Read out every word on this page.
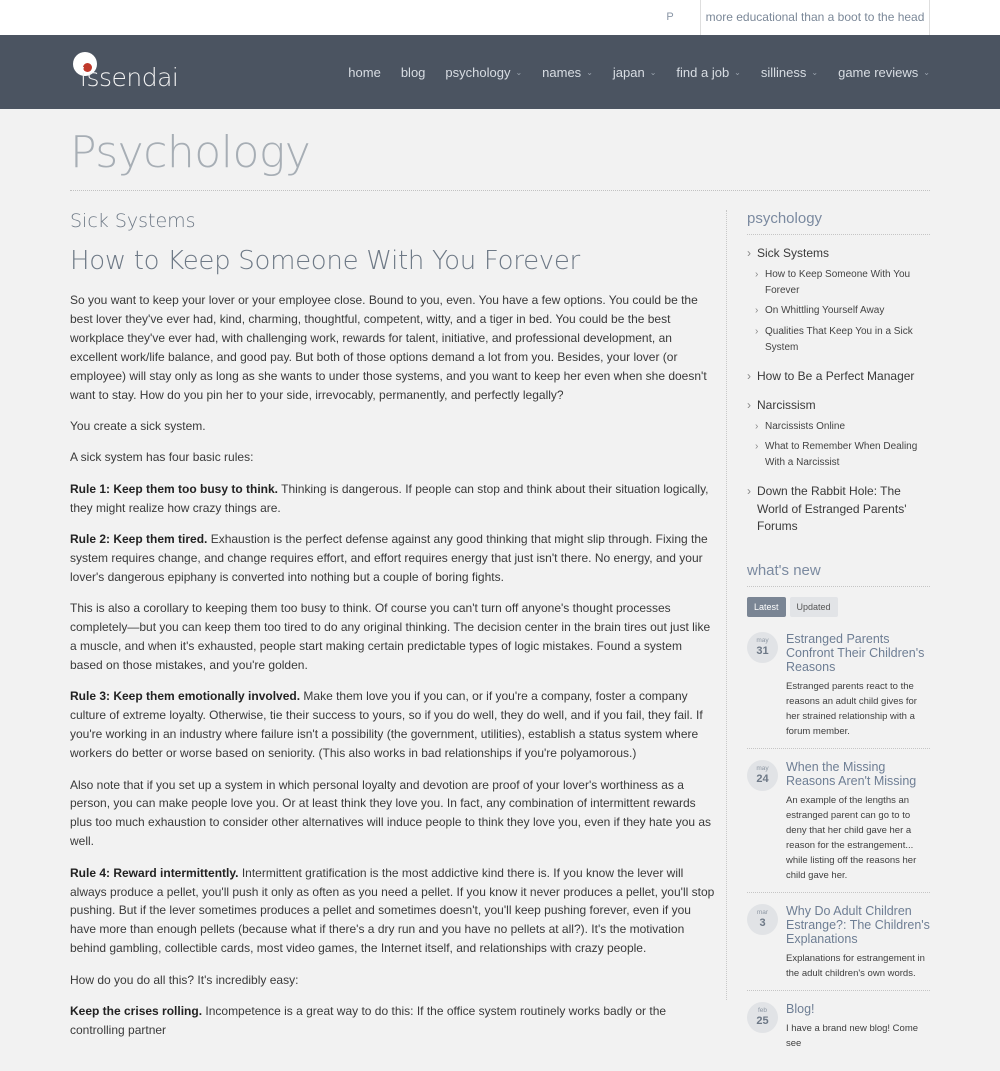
P	more educational than a boot to the head
issendai	home blog psychology ⌄ names ⌄ japan ⌄ find a job ⌄ silliness ⌄ game reviews ⌄
Psychology
Sick Systems
How to Keep Someone With You Forever

So you want to keep your lover or your employee close. Bound to you, even. You have a few options. You could be the best lover they've ever had, kind, charming, thoughtful, competent, witty, and a tiger in bed. You could be the best workplace they've ever had, with challenging work, rewards for talent, initiative, and professional development, an excellent work/life balance, and good pay. But both of those options demand a lot from you. Besides, your lover (or employee) will stay only as long as she wants to under those systems, and you want to keep her even when she doesn't want to stay. How do you pin her to your side, irrevocably, permanently, and perfectly legally?

You create a sick system.

A sick system has four basic rules:

Rule 1: Keep them too busy to think. Thinking is dangerous. If people can stop and think about their situation logically, they might realize how crazy things are.

Rule 2: Keep them tired. Exhaustion is the perfect defense against any good thinking that might slip through. Fixing the system requires change, and change requires effort, and effort requires energy that just isn't there. No energy, and your lover's dangerous epiphany is converted into nothing but a couple of boring fights.

This is also a corollary to keeping them too busy to think. Of course you can't turn off anyone's thought processes completely—but you can keep them too tired to do any original thinking. The decision center in the brain tires out just like a muscle, and when it's exhausted, people start making certain predictable types of logic mistakes. Found a system based on those mistakes, and you're golden.

Rule 3: Keep them emotionally involved. Make them love you if you can, or if you're a company, foster a company culture of extreme loyalty. Otherwise, tie their success to yours, so if you do well, they do well, and if you fail, they fail. If you're working in an industry where failure isn't a possibility (the government, utilities), establish a status system where workers do better or worse based on seniority. (This also works in bad relationships if you're polyamorous.)

Also note that if you set up a system in which personal loyalty and devotion are proof of your lover's worthiness as a person, you can make people love you. Or at least think they love you. In fact, any combination of intermittent rewards plus too much exhaustion to consider other alternatives will induce people to think they love you, even if they hate you as well.

Rule 4: Reward intermittently. Intermittent gratification is the most addictive kind there is. If you know the lever will always produce a pellet, you'll push it only as often as you need a pellet. If you know it never produces a pellet, you'll stop pushing. But if the lever sometimes produces a pellet and sometimes doesn't, you'll keep pushing forever, even if you have more than enough pellets (because what if there's a dry run and you have no pellets at all?). It's the motivation behind gambling, collectible cards, most video games, the Internet itself, and relationships with crazy people.

How do you do all this? It's incredibly easy:

Keep the crises rolling. Incompetence is a great way to do this: If the office system routinely works badly or the controlling partner

psychology
› Sick Systems
› How to Keep Someone With You Forever
› On Whittling Yourself Away
› Qualities That Keep You in a Sick System
› How to Be a Perfect Manager
› Narcissism
› Narcissists Online
› What to Remember When Dealing With a Narcissist
› Down the Rabbit Hole: The World of Estranged Parents' Forums
what's new
Latest	Updated
may
31
Estranged Parents Confront Their Children's Reasons
Estranged parents react to the reasons an adult child gives for her strained relationship with a forum member.
may
24
When the Missing Reasons Aren't Missing
An example of the lengths an estranged parent can go to to deny that her child gave her a reason for the estrangement... while listing off the reasons her child gave her.
mar
3
Why Do Adult Children Estrange?: The Children's Explanations
Explanations for estrangement in the adult children's own words.
feb
25
Blog!
I have a brand new blog! Come see
